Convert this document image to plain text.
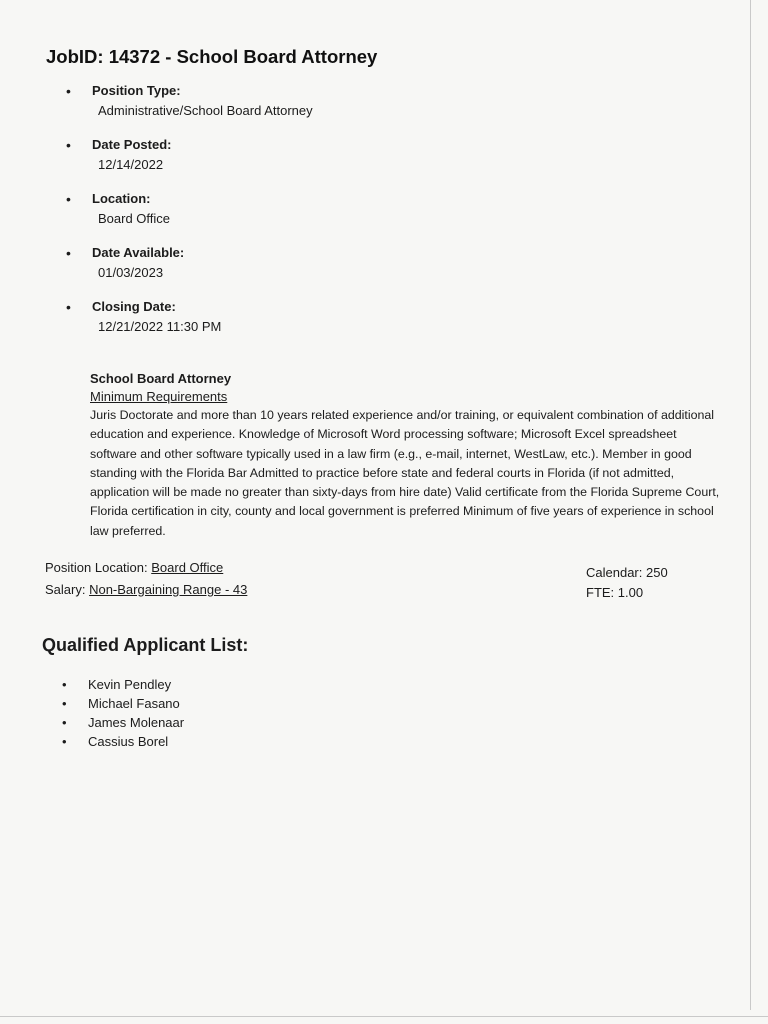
JobID: 14372 - School Board Attorney
• Position Type:
Administrative/School Board Attorney
• Date Posted:
12/14/2022
• Location:
Board Office
• Date Available:
01/03/2023
• Closing Date:
12/21/2022 11:30 PM
School Board Attorney
Minimum Requirements

Juris Doctorate and more than 10 years related experience and/or training, or equivalent combination of additional education and experience. Knowledge of Microsoft Word processing software; Microsoft Excel spreadsheet software and other software typically used in a law firm (e.g., e-mail, internet, WestLaw, etc.). Member in good standing with the Florida Bar Admitted to practice before state and federal courts in Florida (if not admitted, application will be made no greater than sixty-days from hire date) Valid certificate from the Florida Supreme Court, Florida certification in city, county and local government is preferred Minimum of five years of experience in school law preferred.

Position Location: Board Office
Salary: Non-Bargaining Range - 43
Calendar: 250
FTE: 1.00
Qualified Applicant List:
• Kevin Pendley
• Michael Fasano
• James Molenaar
• Cassius Borel
